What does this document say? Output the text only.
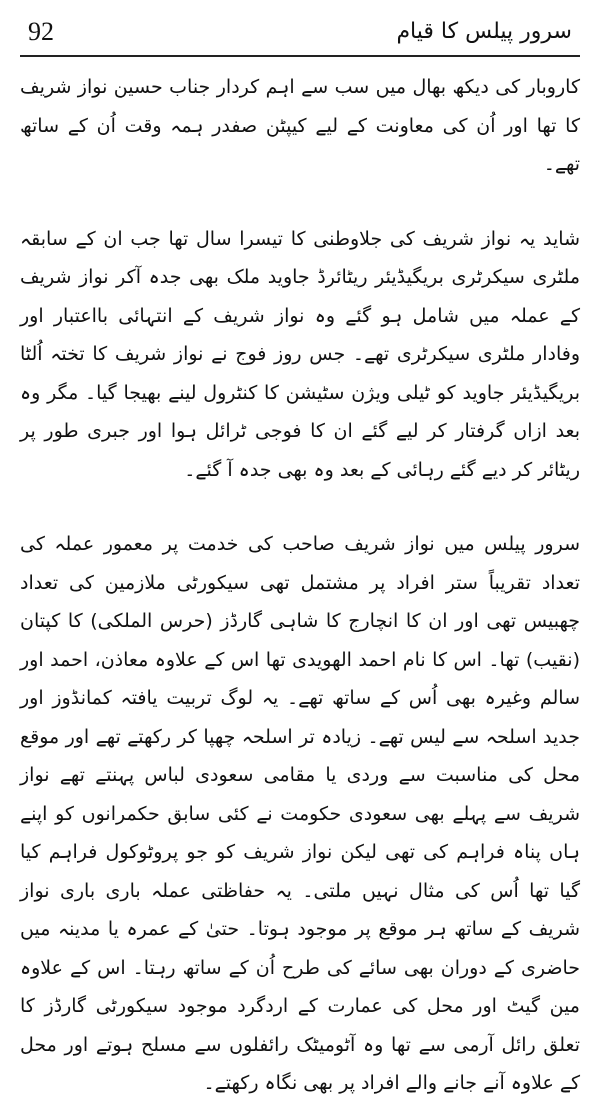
92	سرور پیلس کا قیام

کاروبار کی دیکھ بھال میں سب سے اہم کردار جناب حسین نواز شریف کا تھا اور اُن کی معاونت کے لیے کیپٹن صفدر ہمہ وقت اُن کے ساتھ تھے۔

شاید یہ نواز شریف کی جلاوطنی کا تیسرا سال تھا جب ان کے سابقہ ملٹری سیکرٹری بریگیڈیئر ریٹائرڈ جاوید ملک بھی جدہ آکر نواز شریف کے عملہ میں شامل ہو گئے وہ نواز شریف کے انتہائی بااعتبار اور وفادار ملٹری سیکرٹری تھے۔ جس روز فوج نے نواز شریف کا تختہ اُلٹا بریگیڈیئر جاوید کو ٹیلی ویژن سٹیشن کا کنٹرول لینے بھیجا گیا۔ مگر وہ بعد ازاں گرفتار کر لیے گئے ان کا فوجی ٹرائل ہوا اور جبری طور پر ریٹائر کر دیے گئے رہائی کے بعد وہ بھی جدہ آ گئے۔

سرور پیلس میں نواز شریف صاحب کی خدمت پر معمور عملہ کی تعداد تقریباً ستر افراد پر مشتمل تھی سیکورٹی ملازمین کی تعداد چھبیس تھی اور ان کا انچارج کا شاہی گارڈز (حرس الملکی) کا کپتان (نقیب) تھا۔ اس کا نام احمد الھویدی تھا اس کے علاوہ معاذن، احمد اور سالم وغیرہ بھی اُس کے ساتھ تھے۔ یہ لوگ تربیت یافتہ کمانڈوز اور جدید اسلحہ سے لیس تھے۔ زیادہ تر اسلحہ چھپا کر رکھتے تھے اور موقع محل کی مناسبت سے وردی یا مقامی سعودی لباس پہنتے تھے نواز شریف سے پہلے بھی سعودی حکومت نے کئی سابق حکمرانوں کو اپنے ہاں پناہ فراہم کی تھی لیکن نواز شریف کو جو پروٹوکول فراہم کیا گیا تھا اُس کی مثال نہیں ملتی۔ یہ حفاظتی عملہ باری باری نواز شریف کے ساتھ ہر موقع پر موجود ہوتا۔ حتیٰ کے عمرہ یا مدینہ میں حاضری کے دوران بھی سائے کی طرح اُن کے ساتھ رہتا۔ اس کے علاوہ مین گیٹ اور محل کی عمارت کے اردگرد موجود سیکورٹی گارڈز کا تعلق رائل آرمی سے تھا وہ آٹومیٹک رائفلوں سے مسلح ہوتے اور محل کے علاوہ آنے جانے والے افراد پر بھی نگاہ رکھتے۔
